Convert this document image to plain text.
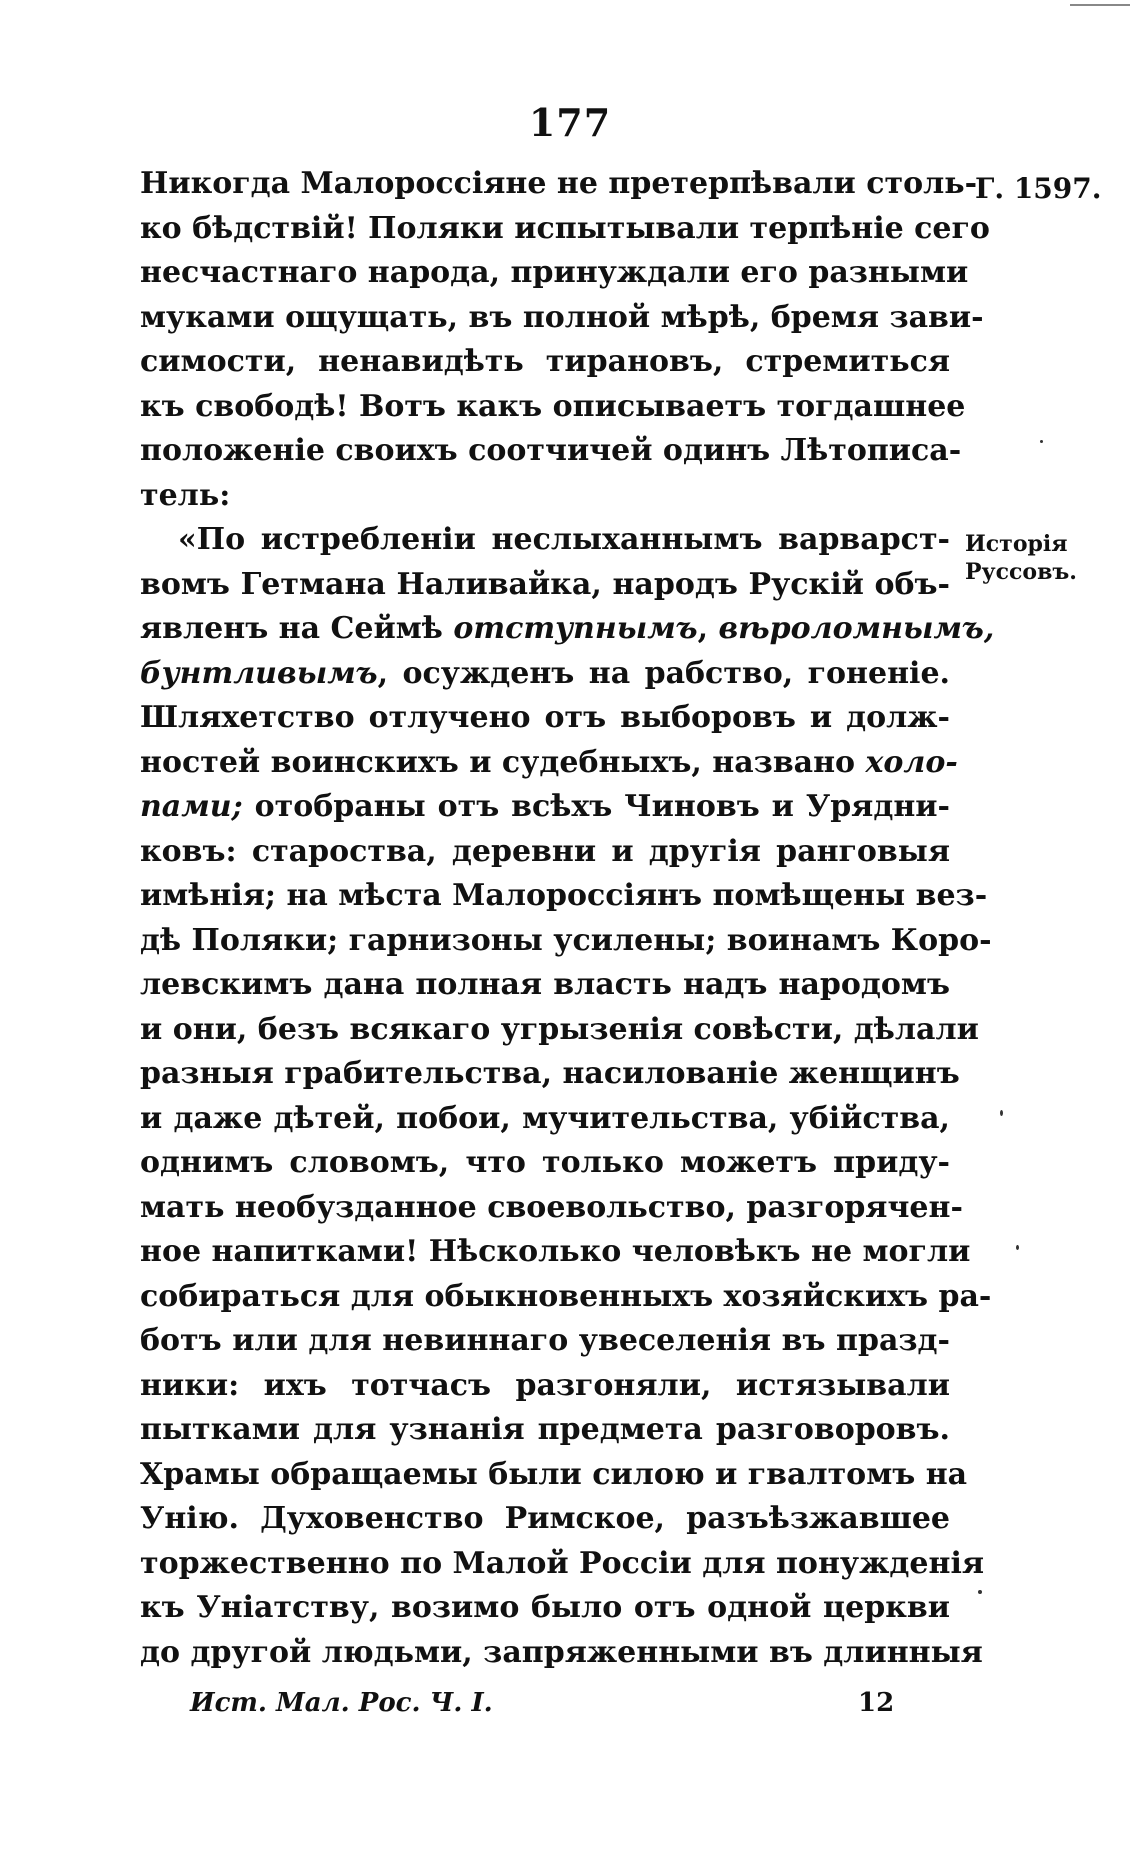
177
Г. 1597.
Исторія
Руссовъ.
Никогда Малороссіяне не претерпѣвали столь-
ко бѣдствій! Поляки испытывали терпѣніе сего
несчастнаго народа, принуждали его разными
муками ощущать, въ полной мѣрѣ, бремя зави-
симости, ненавидѣть тирановъ, стремиться
къ свободѣ! Вотъ какъ описываетъ тогдашнее
положеніе своихъ соотчичей одинъ Лѣтописа-
тель:
«По истребленіи неслыханнымъ варварст-
вомъ Гетмана Наливайка, народъ Рускій объ-
явленъ на Сеймѣ отступнымъ, вѣроломнымъ,
бунтливымъ, осужденъ на рабство, гоненіе.
Шляхетство отлучено отъ выборовъ и долж-
ностей воинскихъ и судебныхъ, названо холо-
пами; отобраны отъ всѣхъ Чиновъ и Урядни-
ковъ: староства, деревни и другія ранговыя
имѣнія; на мѣста Малороссіянъ помѣщены вез-
дѣ Поляки; гарнизоны усилены; воинамъ Коро-
левскимъ дана полная власть надъ народомъ
и они, безъ всякаго угрызенія совѣсти, дѣлали
разныя грабительства, насилованіе женщинъ
и даже дѣтей, побои, мучительства, убійства,
однимъ словомъ, что только можетъ приду-
мать необузданное своевольство, разгорячен-
ное напитками! Нѣсколько человѣкъ не могли
собираться для обыкновенныхъ хозяйскихъ ра-
ботъ или для невиннаго увеселенія въ празд-
ники: ихъ тотчасъ разгоняли, истязывали
пытками для узнанія предмета разговоровъ.
Храмы обращаемы были силою и гвалтомъ на
Унію. Духовенство Римское, разъѣзжавшее
торжественно по Малой Россіи для понужденія
къ Уніатству, возимо было отъ одной церкви
до другой людьми, запряженными въ длинныя
Ист. Мал. Рос. Ч. I.	12
